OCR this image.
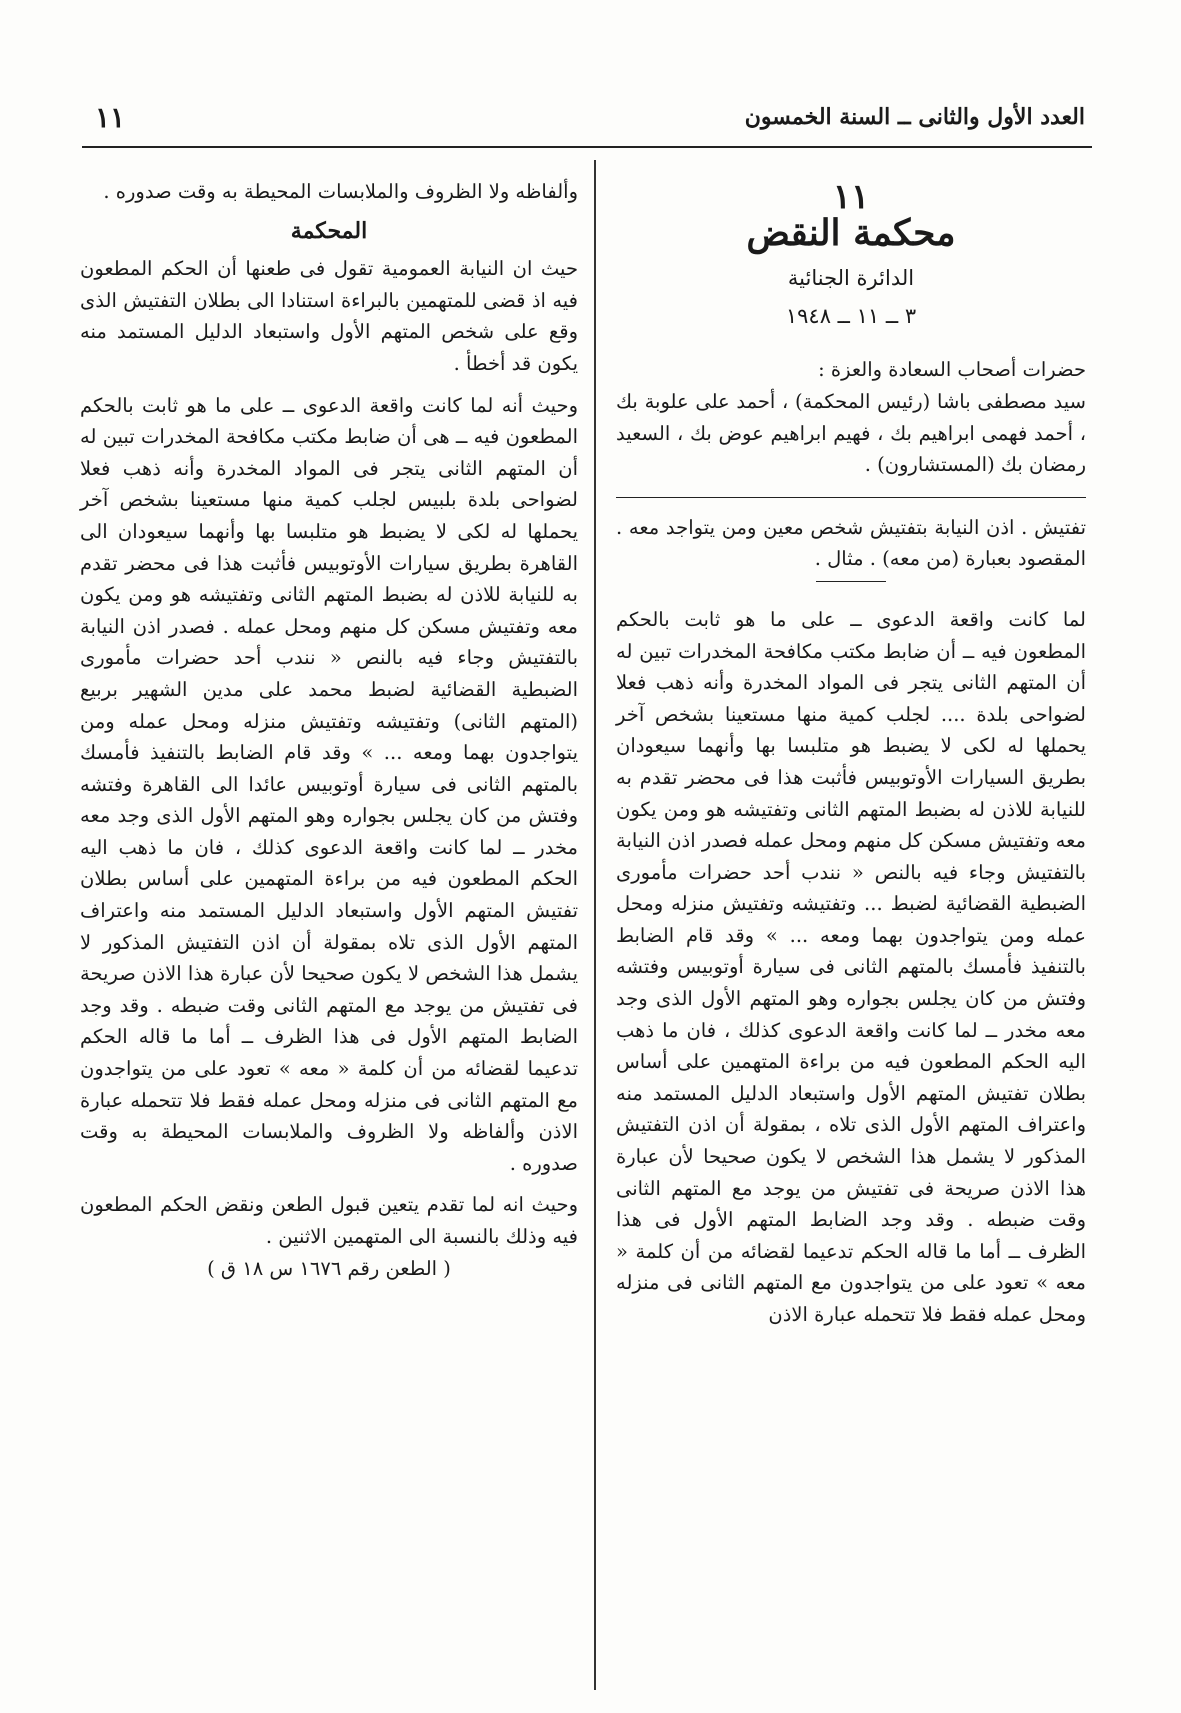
العدد الأول والثانى ــ السنة الخمسون
١١
١١
محكمة النقض
الدائرة الجنائية
٣ ــ ١١ ــ ١٩٤٨

حضرات أصحاب السعادة والعزة :

سيد مصطفى باشا (رئيس المحكمة) ، أحمد على علوبة بك ، أحمد فهمى ابراهيم بك ، فهيم ابراهيم عوض بك ، السعيد رمضان بك (المستشارون) .

تفتيش . اذن النيابة بتفتيش شخص معين ومن يتواجد معه . المقصود بعبارة (من معه) . مثال .

لما كانت واقعة الدعوى ــ على ما هو ثابت بالحكم المطعون فيه ــ أن ضابط مكتب مكافحة المخدرات تبين له أن المتهم الثانى يتجر فى المواد المخدرة وأنه ذهب فعلا لضواحى بلدة .... لجلب كمية منها مستعينا بشخص آخر يحملها له لكى لا يضبط هو متلبسا بها وأنهما سيعودان بطريق السيارات الأوتوبيس فأثبت هذا فى محضر تقدم به للنيابة للاذن له بضبط المتهم الثانى وتفتيشه هو ومن يكون معه وتفتيش مسكن كل منهم ومحل عمله فصدر اذن النيابة بالتفتيش وجاء فيه بالنص « نندب أحد حضرات مأمورى الضبطية القضائية لضبط ... وتفتيشه وتفتيش منزله ومحل عمله ومن يتواجدون بهما ومعه ... » وقد قام الضابط بالتنفيذ فأمسك بالمتهم الثانى فى سيارة أوتوبيس وفتشه وفتش من كان يجلس بجواره وهو المتهم الأول الذى وجد معه مخدر ــ لما كانت واقعة الدعوى كذلك ، فان ما ذهب اليه الحكم المطعون فيه من براءة المتهمين على أساس بطلان تفتيش المتهم الأول واستبعاد الدليل المستمد منه واعتراف المتهم الأول الذى تلاه ، بمقولة أن اذن التفتيش المذكور لا يشمل هذا الشخص لا يكون صحيحا لأن عبارة هذا الاذن صريحة فى تفتيش من يوجد مع المتهم الثانى وقت ضبطه . وقد وجد الضابط المتهم الأول فى هذا الظرف ــ أما ما قاله الحكم تدعيما لقضائه من أن كلمة « معه » تعود على من يتواجدون مع المتهم الثانى فى منزله ومحل عمله فقط فلا تتحمله عبارة الاذن

وألفاظه ولا الظروف والملابسات المحيطة به وقت صدوره .

المحكمة

حيث ان النيابة العمومية تقول فى طعنها أن الحكم المطعون فيه اذ قضى للمتهمين بالبراءة استنادا الى بطلان التفتيش الذى وقع على شخص المتهم الأول واستبعاد الدليل المستمد منه يكون قد أخطأ .

وحيث أنه لما كانت واقعة الدعوى ــ على ما هو ثابت بالحكم المطعون فيه ــ هى أن ضابط مكتب مكافحة المخدرات تبين له أن المتهم الثانى يتجر فى المواد المخدرة وأنه ذهب فعلا لضواحى بلدة بلبيس لجلب كمية منها مستعينا بشخص آخر يحملها له لكى لا يضبط هو متلبسا بها وأنهما سيعودان الى القاهرة بطريق سيارات الأوتوبيس فأثبت هذا فى محضر تقدم به للنيابة للاذن له بضبط المتهم الثانى وتفتيشه هو ومن يكون معه وتفتيش مسكن كل منهم ومحل عمله . فصدر اذن النيابة بالتفتيش وجاء فيه بالنص « نندب أحد حضرات مأمورى الضبطية القضائية لضبط محمد على مدين الشهير بربيع (المتهم الثانى) وتفتيشه وتفتيش منزله ومحل عمله ومن يتواجدون بهما ومعه ... » وقد قام الضابط بالتنفيذ فأمسك بالمتهم الثانى فى سيارة أوتوبيس عائدا الى القاهرة وفتشه وفتش من كان يجلس بجواره وهو المتهم الأول الذى وجد معه مخدر ــ لما كانت واقعة الدعوى كذلك ، فان ما ذهب اليه الحكم المطعون فيه من براءة المتهمين على أساس بطلان تفتيش المتهم الأول واستبعاد الدليل المستمد منه واعتراف المتهم الأول الذى تلاه بمقولة أن اذن التفتيش المذكور لا يشمل هذا الشخص لا يكون صحيحا لأن عبارة هذا الاذن صريحة فى تفتيش من يوجد مع المتهم الثانى وقت ضبطه . وقد وجد الضابط المتهم الأول فى هذا الظرف ــ أما ما قاله الحكم تدعيما لقضائه من أن كلمة « معه » تعود على من يتواجدون مع المتهم الثانى فى منزله ومحل عمله فقط فلا تتحمله عبارة الاذن وألفاظه ولا الظروف والملابسات المحيطة به وقت صدوره .

وحيث انه لما تقدم يتعين قبول الطعن ونقض الحكم المطعون فيه وذلك بالنسبة الى المتهمين الاثنين .

( الطعن رقم ١٦٧٦ س ١٨ ق )
